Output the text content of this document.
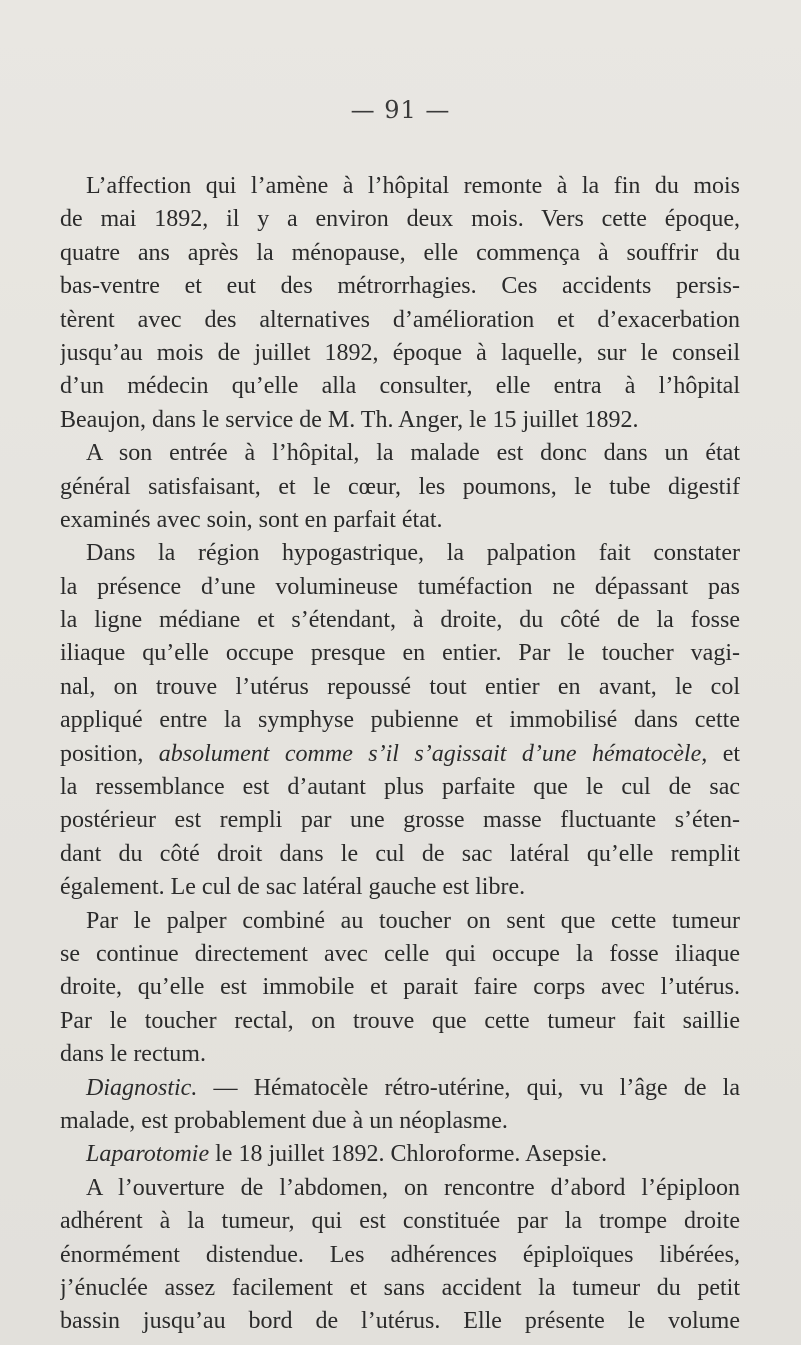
— 91 —
L’affection qui l’amène à l’hôpital remonte à la fin du mois
de mai 1892, il y a environ deux mois. Vers cette époque,
quatre ans après la ménopause, elle commença à souffrir du
bas-ventre et eut des métrorrhagies. Ces accidents persis-
tèrent avec des alternatives d’amélioration et d’exacerbation
jusqu’au mois de juillet 1892, époque à laquelle, sur le conseil
d’un médecin qu’elle alla consulter, elle entra à l’hôpital
Beaujon, dans le service de M. Th. Anger, le 15 juillet 1892.
A son entrée à l’hôpital, la malade est donc dans un état
général satisfaisant, et le cœur, les poumons, le tube digestif
examinés avec soin, sont en parfait état.
Dans la région hypogastrique, la palpation fait constater
la présence d’une volumineuse tuméfaction ne dépassant pas
la ligne médiane et s’étendant, à droite, du côté de la fosse
iliaque qu’elle occupe presque en entier. Par le toucher vagi-
nal, on trouve l’utérus repoussé tout entier en avant, le col
appliqué entre la symphyse pubienne et immobilisé dans cette
position, absolument comme s’il s’agissait d’une hématocèle, et
la ressemblance est d’autant plus parfaite que le cul de sac
postérieur est rempli par une grosse masse fluctuante s’éten-
dant du côté droit dans le cul de sac latéral qu’elle remplit
également. Le cul de sac latéral gauche est libre.
Par le palper combiné au toucher on sent que cette tumeur
se continue directement avec celle qui occupe la fosse iliaque
droite, qu’elle est immobile et parait faire corps avec l’utérus.
Par le toucher rectal, on trouve que cette tumeur fait saillie
dans le rectum.
Diagnostic. — Hématocèle rétro-utérine, qui, vu l’âge de la
malade, est probablement due à un néoplasme.
Laparotomie le 18 juillet 1892. Chloroforme. Asepsie.
A l’ouverture de l’abdomen, on rencontre d’abord l’épiploon
adhérent à la tumeur, qui est constituée par la trompe droite
énormément distendue. Les adhérences épiploïques libérées,
j’énuclée assez facilement et sans accident la tumeur du petit
bassin jusqu’au bord de l’utérus. Elle présente le volume
